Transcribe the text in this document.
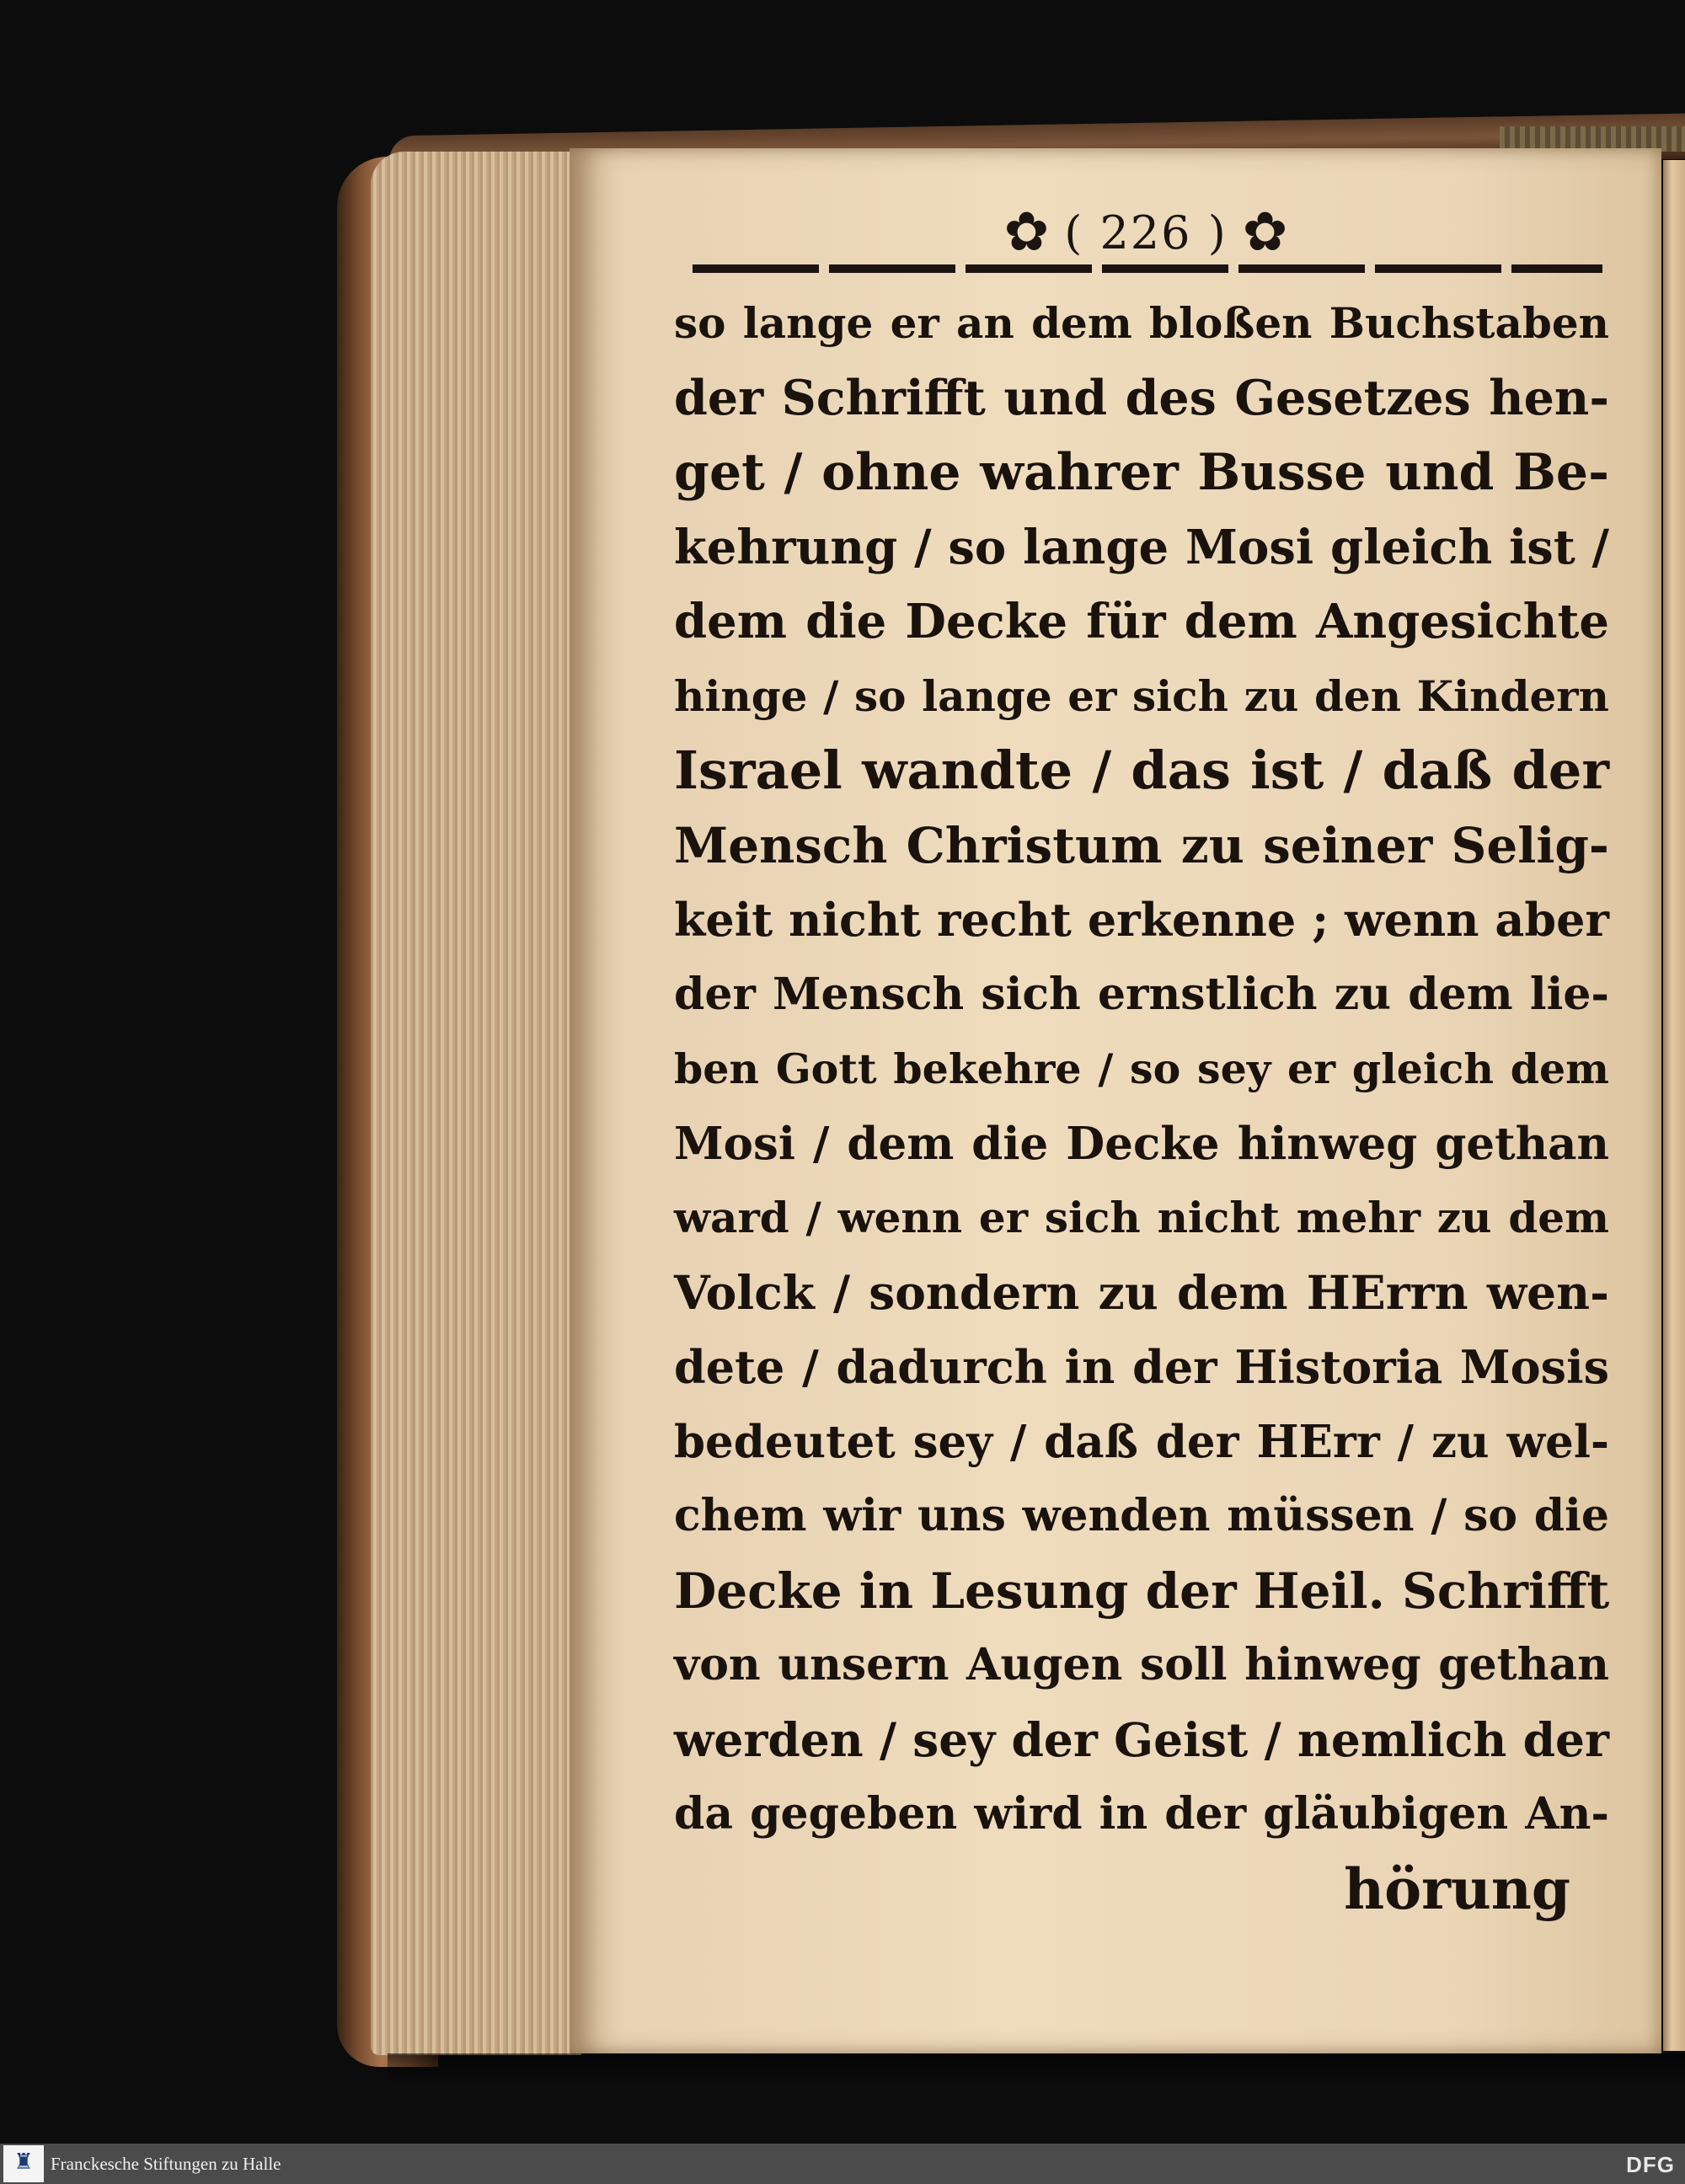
✿ ( 226 ) ✿
so lange er an dem bloßen Buchstaben
der Schrifft und des Gesetzes hen-
get / ohne wahrer Busse und Be-
kehrung / so lange Mosi gleich ist /
dem die Decke für dem Angesichte
hinge / so lange er sich zu den Kindern
Israel wandte / das ist / daß der
Mensch Christum zu seiner Selig-
keit nicht recht erkenne ; wenn aber
der Mensch sich ernstlich zu dem lie-
ben Gott bekehre / so sey er gleich dem
Mosi / dem die Decke hinweg gethan
ward / wenn er sich nicht mehr zu dem
Volck / sondern zu dem HErrn wen-
dete / dadurch in der Historia Mosis
bedeutet sey / daß der HErr / zu wel-
chem wir uns wenden müssen / so die
Decke in Lesung der Heil. Schrifft
von unsern Augen soll hinweg gethan
werden / sey der Geist / nemlich der
da gegeben wird in der gläubigen An-
hörung
♜ Franckesche Stiftungen zu Halle	DFG
